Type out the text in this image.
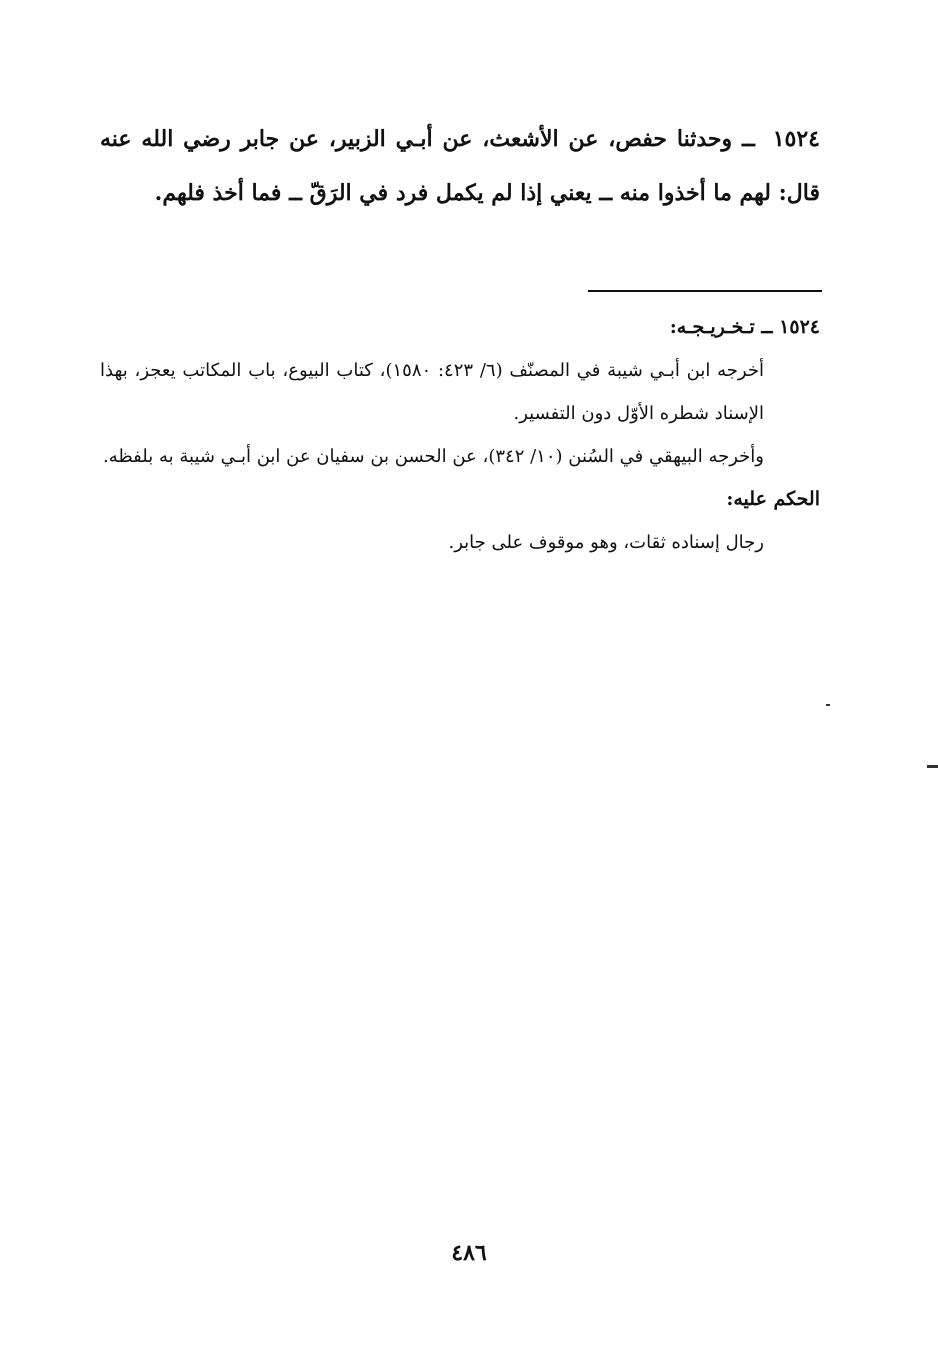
١٥٢٤ ــ وحدثنا حفص، عن الأشعث، عن أبـي الزبير، عن جابر رضي الله عنه قال: لهم ما أخذوا منه ــ يعني إذا لم يكمل فرد في الرَقّ ــ فما أخذ فلهم.

١٥٢٤ ــ تـخـريـجـه:

أخرجه ابن أبـي شيبة في المصنّف (٦/ ٤٢٣: ١٥٨٠)، كتاب البيوع، باب المكاتب يعجز، بهذا الإسناد شطره الأوّل دون التفسير.

وأخرجه البيهقي في السُنن (١٠/ ٣٤٢)، عن الحسن بن سفيان عن ابن أبـي شيبة به بلفظه.

الحكم عليه:

رجال إسناده ثقات، وهو موقوف على جابر.

٤٨٦
